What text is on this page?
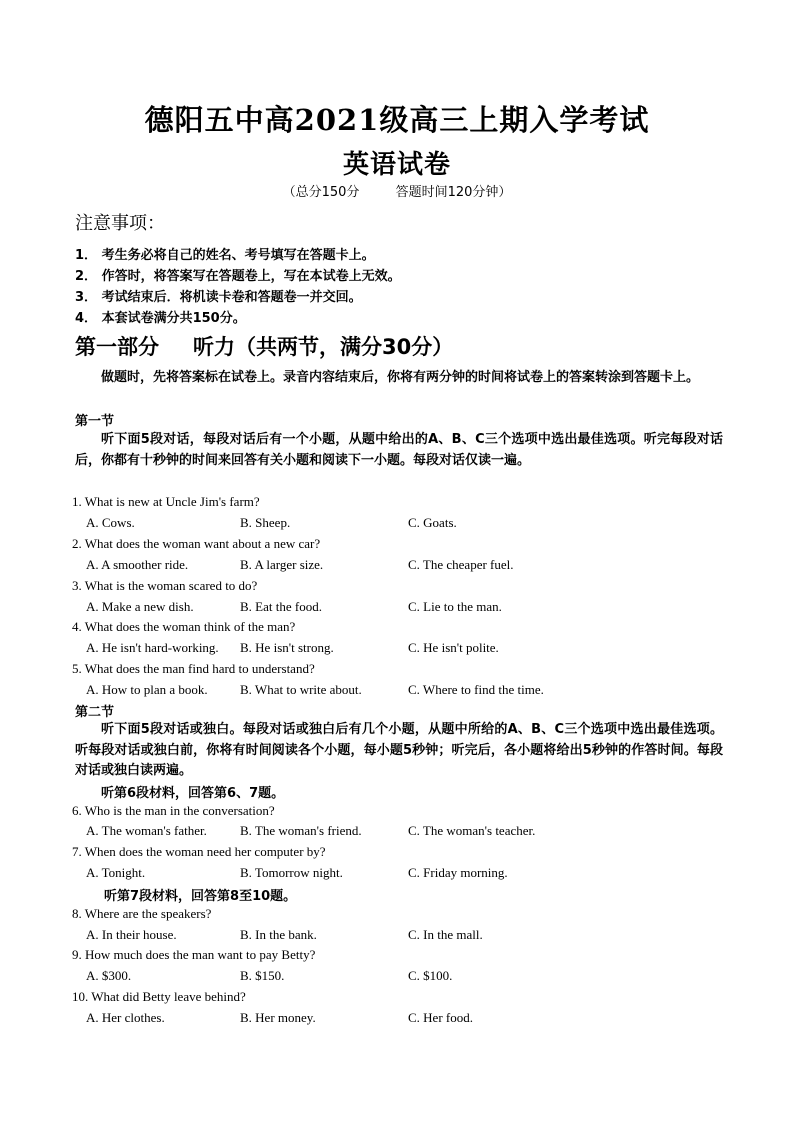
德阳五中高2021级高三上期入学考试
英语试卷
（总分150分	答题时间120分钟）
注意事项：
1． 考生务必将自己的姓名、考号填写在答题卡上。
2． 作答时，将答案写在答题卷上，写在本试卷上无效。
3． 考试结束后．将机读卡卷和答题卷一并交回。
4． 本套试卷满分共150分。
第一部分 听力（共两节，满分30分）
做题时，先将答案标在试卷上。录音内容结束后，你将有两分钟的时间将试卷上的答案转涂到答题卡上。
第一节
听下面5段对话，每段对话后有一个小题，从题中给出的A、B、C三个选项中选出最佳选项。听完每段对话后，你都有十秒钟的时间来回答有关小题和阅读下一小题。每段对话仅读一遍。
1. What is new at Uncle Jim's farm?
A. Cows.	B. Sheep.	C. Goats.
2. What does the woman want about a new car?
A. A smoother ride.	B. A larger size.	C. The cheaper fuel.
3. What is the woman scared to do?
A. Make a new dish.	B. Eat the food.	C. Lie to the man.
4. What does the woman think of the man?
A. He isn't hard-working. B. He isn't strong.	C. He isn't polite.
5. What does the man find hard to understand?
A. How to plan a book. B. What to write about.	C. Where to find the time.
第二节
听下面5段对话或独白。每段对话或独白后有几个小题，从题中所给的A、B、C三个选项中选出最佳选项。听每段对话或独白前，你将有时间阅读各个小题，每小题5秒钟；听完后，各小题将给出5秒钟的作答时间。每段对话或独白读两遍。
听第6段材料，回答第6、7题。
6. Who is the man in the conversation?
A. The woman's father.	B. The woman's friend.	C. The woman's teacher.
7. When does the woman need her computer by?
A. Tonight.	B. Tomorrow night.	C. Friday morning.
听第7段材料，回答第8至10题。
8. Where are the speakers?
A. In their house.	B. In the bank.	C. In the mall.
9. How much does the man want to pay Betty?
A. $300.	B. $150.	C. $100.
10. What did Betty leave behind?
A. Her clothes.	B. Her money.	C. Her food.
